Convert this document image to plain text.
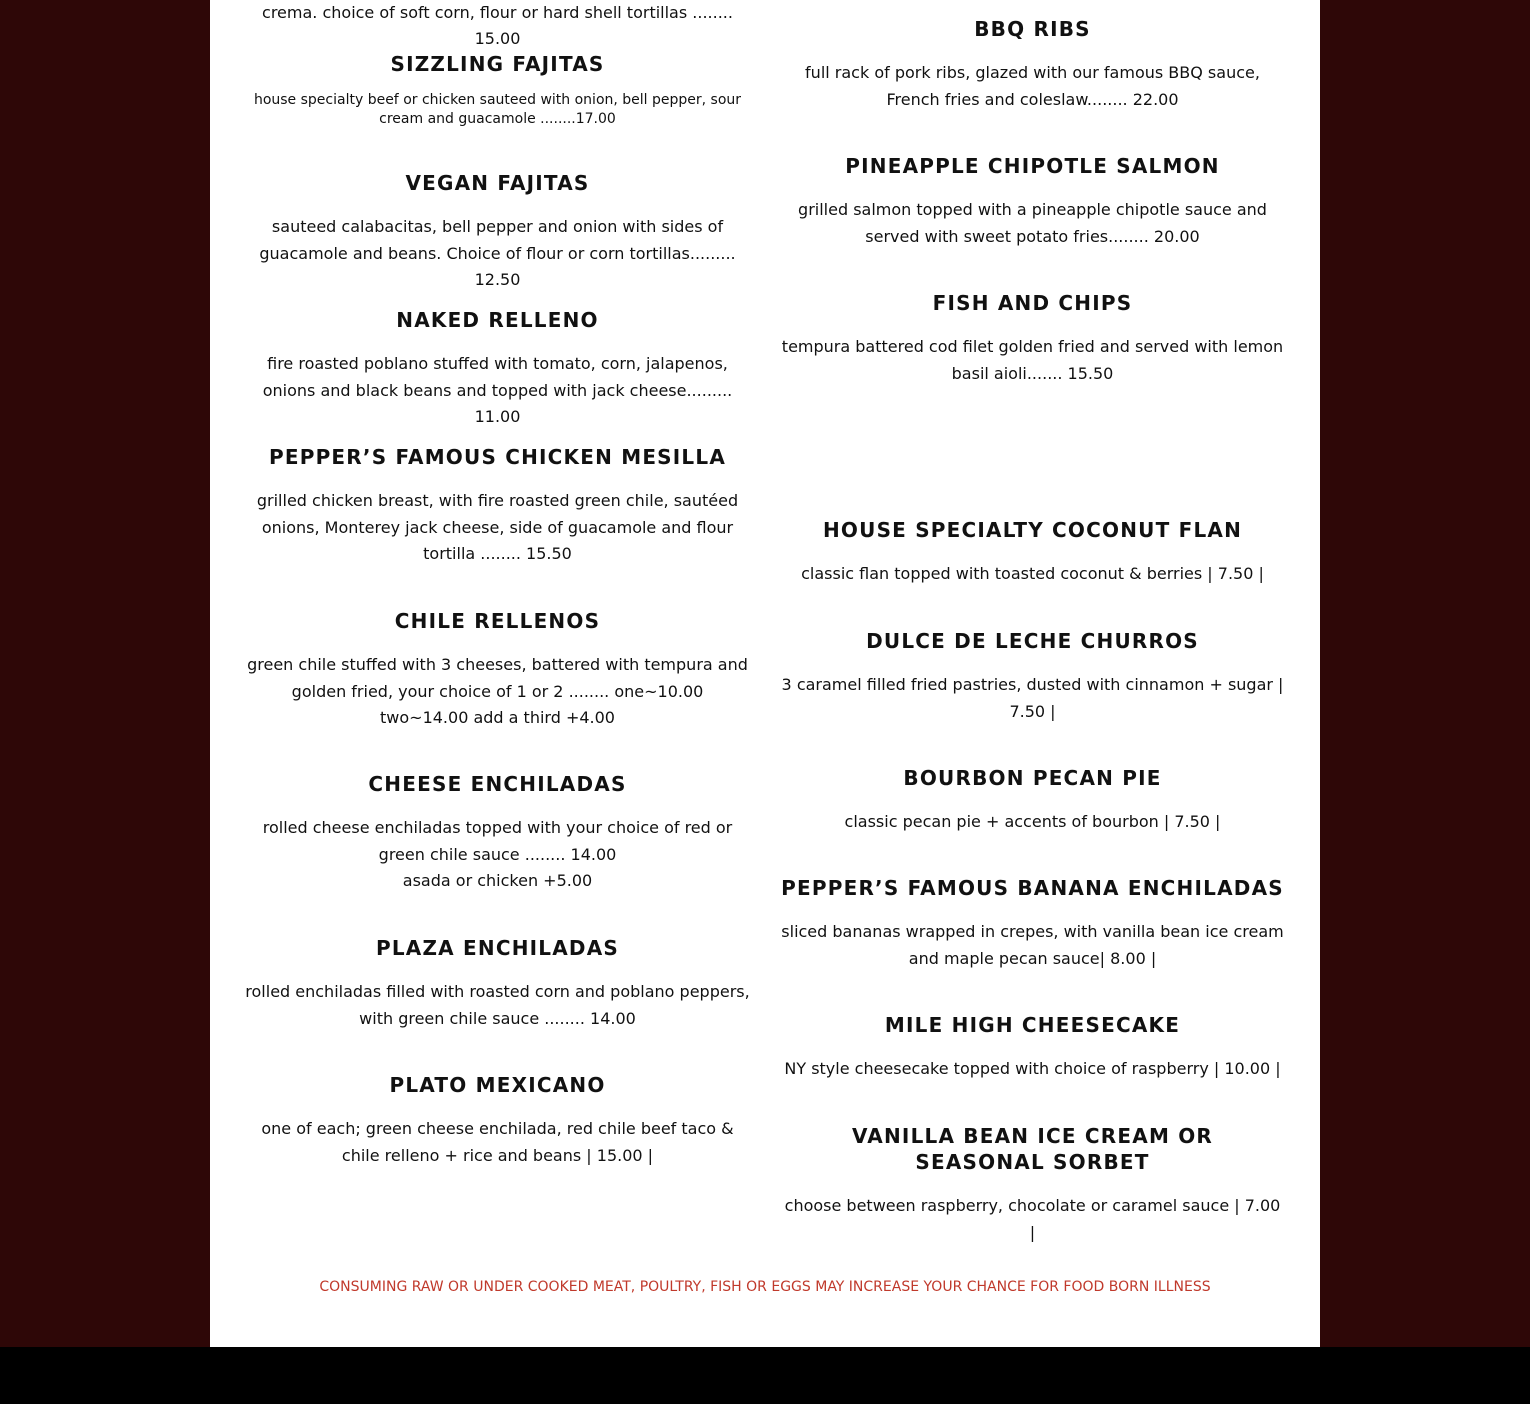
crema. choice of soft corn, flour or hard shell tortillas ........ 15.00

SIZZLING FAJITAS

house specialty beef or chicken sauteed with onion, bell pepper, sour cream and guacamole ........17.00

VEGAN FAJITAS

sauteed calabacitas, bell pepper and onion with sides of guacamole and beans. Choice of flour or corn tortillas......... 12.50

NAKED RELLENO

fire roasted poblano stuffed with tomato, corn, jalapenos, onions and black beans and topped with jack cheese......... 11.00

PEPPER’S FAMOUS CHICKEN MESILLA

grilled chicken breast, with fire roasted green chile, sautéed onions, Monterey jack cheese, side of guacamole and flour tortilla ........ 15.50

CHILE RELLENOS

green chile stuffed with 3 cheeses, battered with tempura and golden fried, your choice of 1 or 2 ........ one~10.00 two~14.00 add a third +4.00

CHEESE ENCHILADAS

rolled cheese enchiladas topped with your choice of red or green chile sauce ........ 14.00

asada or chicken +5.00

PLAZA ENCHILADAS

rolled enchiladas filled with roasted corn and poblano peppers, with green chile sauce ........ 14.00

PLATO MEXICANO

one of each; green cheese enchilada, red chile beef taco & chile relleno + rice and beans | 15.00 |

BBQ RIBS

full rack of pork ribs, glazed with our famous BBQ sauce, French fries and coleslaw........ 22.00

PINEAPPLE CHIPOTLE SALMON

grilled salmon topped with a pineapple chipotle sauce and served with sweet potato fries........ 20.00

FISH AND CHIPS

tempura battered cod filet golden fried and served with lemon basil aioli....... 15.50

HOUSE SPECIALTY COCONUT FLAN

classic flan topped with toasted coconut & berries | 7.50 |

DULCE DE LECHE CHURROS

3 caramel filled fried pastries, dusted with cinnamon + sugar | 7.50 |

BOURBON PECAN PIE

classic pecan pie + accents of bourbon | 7.50 |

PEPPER’S FAMOUS BANANA ENCHILADAS

sliced bananas wrapped in crepes, with vanilla bean ice cream and maple pecan sauce| 8.00 |

MILE HIGH CHEESECAKE

NY style cheesecake topped with choice of raspberry | 10.00 |

VANILLA BEAN ICE CREAM OR SEASONAL SORBET

choose between raspberry, chocolate or caramel sauce | 7.00 |

CONSUMING RAW OR UNDER COOKED MEAT, POULTRY, FISH OR EGGS MAY INCREASE YOUR CHANCE FOR FOOD BORN ILLNESS
